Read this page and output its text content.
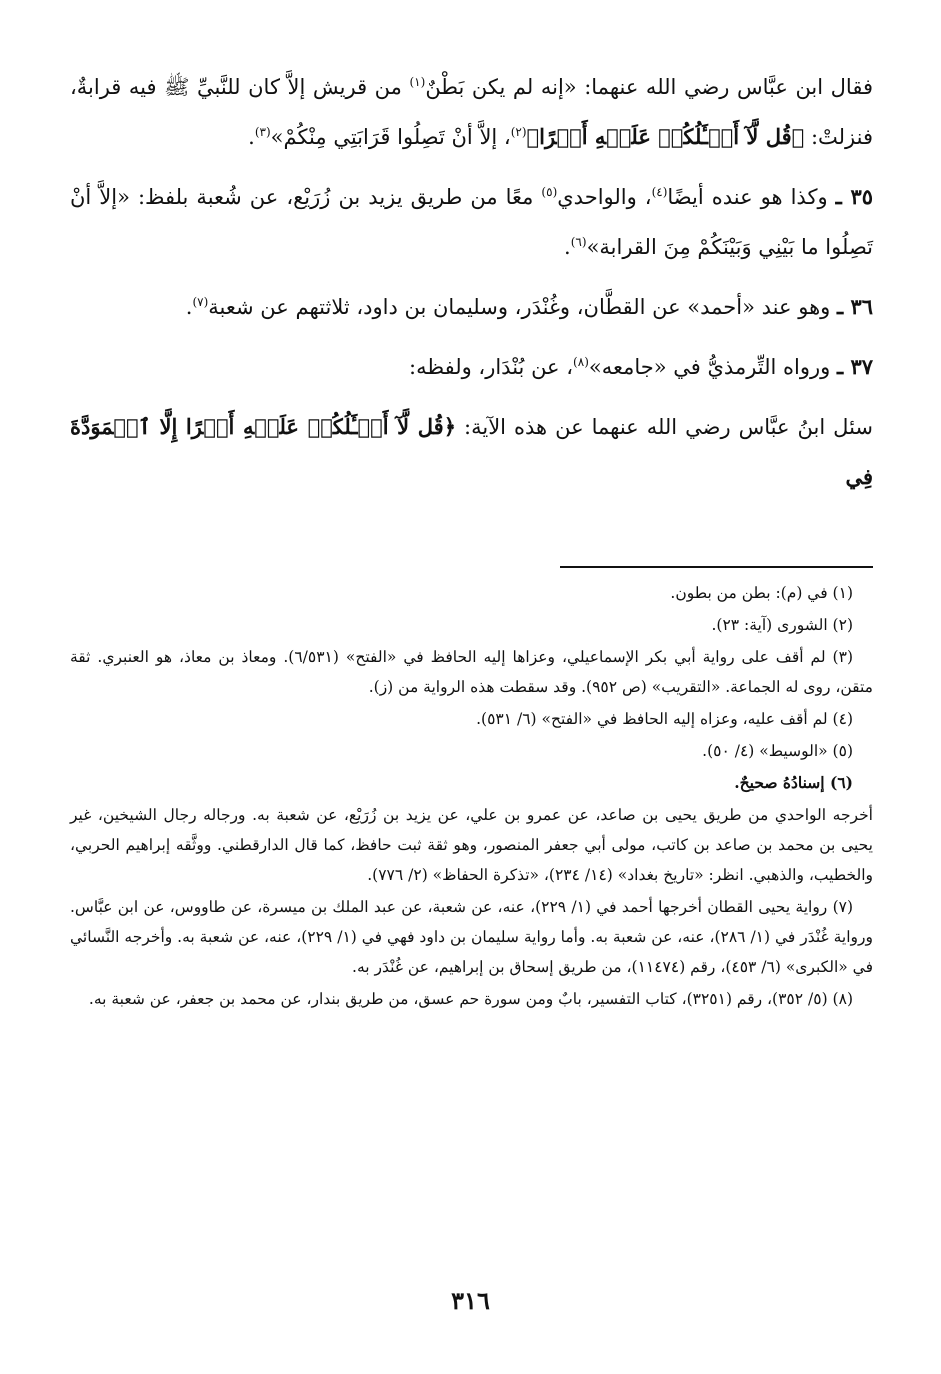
فقال ابن عبَّاس رضي الله عنهما: «إنه لم يكن بَطْنٌ$^{(١)}$ من قريش إلاَّ كان للنَّبيِّ ﷺ فيه قرابةٌ، فنزلتْ: ﴿قُل لَّآ أَسۡـَٔلُكُمۡ عَلَيۡهِ أَجۡرًا﴾$^{(٢)}$، إلاَّ أنْ تَصِلُوا قَرَابَتِي مِنْكُمْ»$^{(٣)}$.

٣٥ ـ وكذا هو عنده أيضًا$^{(٤)}$، والواحدي$^{(٥)}$ معًا من طريق يزيد بن زُرَيْع، عن شُعبة بلفظ: «إلاَّ أنْ تَصِلُوا ما بَيْنِي وَبَيْنَكُمْ مِنَ القرابة»$^{(٦)}$.

٣٦ ـ وهو عند «أحمد» عن القطَّان، وغُنْدَر، وسليمان بن داود، ثلاثتهم عن شعبة$^{(٧)}$.

٣٧ ـ ورواه التِّرمذيُّ في «جامعه»$^{(٨)}$، عن بُنْدَار، ولفظه:

سئل ابنُ عبَّاس رضي الله عنهما عن هذه الآية: ﴿قُل لَّآ أَسۡـَٔلُكُمۡ عَلَيۡهِ أَجۡرًا إِلَّا ٱلۡمَوَدَّةَ فِي

(١) في (م): بطن من بطون.

(٢) الشورى (آية: ٢٣).

(٣) لم أقف على رواية أبي بكر الإسماعيلي، وعزاها إليه الحافظ في «الفتح» (٦/٥٣١). ومعاذ بن معاذ، هو العنبري. ثقة متقن، روى له الجماعة. «التقريب» (ص ٩٥٢). وقد سقطت هذه الرواية من (ز).

(٤) لم أقف عليه، وعزاه إليه الحافظ في «الفتح» (٦/ ٥٣١).

(٥) «الوسيط» (٤/ ٥٠).

(٦) إسنادُهُ صحيحٌ.

أخرجه الواحدي من طريق يحيى بن صاعد، عن عمرو بن علي، عن يزيد بن زُرَيْع، عن شعبة به. ورجاله رجال الشيخين، غير يحيى بن محمد بن صاعد بن كاتب، مولى أبي جعفر المنصور، وهو ثقة ثبت حافظ، كما قال الدارقطني. ووثَّقه إبراهيم الحربي، والخطيب، والذهبي. انظر: «تاريخ بغداد» (١٤/ ٢٣٤)، «تذكرة الحفاظ» (٢/ ٧٧٦).

(٧) رواية يحيى القطان أخرجها أحمد في (١/ ٢٢٩)، عنه، عن شعبة، عن عبد الملك بن ميسرة، عن طاووس، عن ابن عبَّاس. ورواية غُنْدَر في (١/ ٢٨٦)، عنه، عن شعبة به. وأما رواية سليمان بن داود فهي في (١/ ٢٢٩)، عنه، عن شعبة به. وأخرجه النَّسائي في «الكبرى» (٦/ ٤٥٣)، رقم (١١٤٧٤)، من طريق إسحاق بن إبراهيم، عن غُنْدَر به.

(٨) (٥/ ٣٥٢)، رقم (٣٢٥١)، كتاب التفسير، بابٌ ومن سورة حم عسق، من طريق بندار، عن محمد بن جعفر، عن شعبة به.

٣١٦
